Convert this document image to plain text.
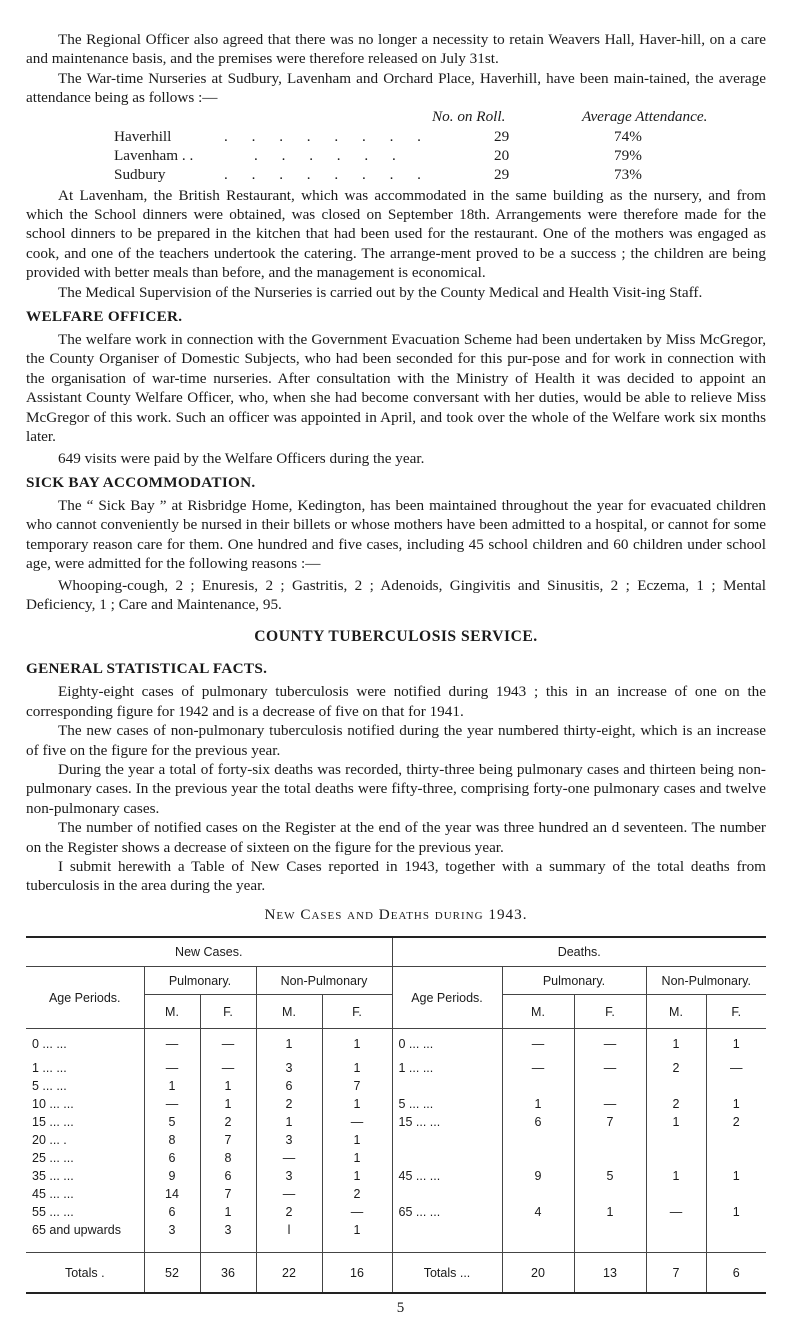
The Regional Officer also agreed that there was no longer a necessity to retain Weavers Hall, Haver-hill, on a care and maintenance basis, and the premises were therefore released on July 31st.

The War-time Nurseries at Sudbury, Lavenham and Orchard Place, Haverhill, have been main-tained, the average attendance being as follows :—

No. on Roll.	Average Attendance.
Haverhill	. . . . . . . .	29	74%
Lavenham . .	. . . . . .	20	79%
Sudbury	. . . . . . . .	29	73%

At Lavenham, the British Restaurant, which was accommodated in the same building as the nursery, and from which the School dinners were obtained, was closed on September 18th. Arrangements were therefore made for the school dinners to be prepared in the kitchen that had been used for the restaurant. One of the mothers was engaged as cook, and one of the teachers undertook the catering. The arrange-ment proved to be a success ; the children are being provided with better meals than before, and the management is economical.

The Medical Supervision of the Nurseries is carried out by the County Medical and Health Visit-ing Staff.

WELFARE OFFICER.

The welfare work in connection with the Government Evacuation Scheme had been undertaken by Miss McGregor, the County Organiser of Domestic Subjects, who had been seconded for this pur-pose and for work in connection with the organisation of war-time nurseries. After consultation with the Ministry of Health it was decided to appoint an Assistant County Welfare Officer, who, when she had become conversant with her duties, would be able to relieve Miss McGregor of this work. Such an officer was appointed in April, and took over the whole of the Welfare work six months later.

649 visits were paid by the Welfare Officers during the year.

SICK BAY ACCOMMODATION.

The “ Sick Bay ” at Risbridge Home, Kedington, has been maintained throughout the year for evacuated children who cannot conveniently be nursed in their billets or whose mothers have been admitted to a hospital, or cannot for some temporary reason care for them. One hundred and five cases, including 45 school children and 60 children under school age, were admitted for the following reasons :—

Whooping-cough, 2 ; Enuresis, 2 ; Gastritis, 2 ; Adenoids, Gingivitis and Sinusitis, 2 ; Eczema, 1 ; Mental Deficiency, 1 ; Care and Maintenance, 95.

COUNTY TUBERCULOSIS SERVICE.
GENERAL STATISTICAL FACTS.

Eighty-eight cases of pulmonary tuberculosis were notified during 1943 ; this in an increase of one on the corresponding figure for 1942 and is a decrease of five on that for 1941.

The new cases of non-pulmonary tuberculosis notified during the year numbered thirty-eight, which is an increase of five on the figure for the previous year.

During the year a total of forty-six deaths was recorded, thirty-three being pulmonary cases and thirteen being non-pulmonary cases. In the previous year the total deaths were fifty-three, comprising forty-one pulmonary cases and twelve non-pulmonary cases.

The number of notified cases on the Register at the end of the year was three hundred an d seventeen. The number on the Register shows a decrease of sixteen on the figure for the previous year.

I submit herewith a Table of New Cases reported in 1943, together with a summary of the total deaths from tuberculosis in the area during the year.

New Cases and Deaths during 1943.
New Cases.					Deaths.				
Age Periods.	Pulmonary.		Non-Pulmonary		Age Periods.	Pulmonary.		Non-Pulmonary.	
	M.	F.	M.	F.		M.	F.	M.	F.
0 ... ...	—	—	1	1	0 ... ...	—	—	1	1
1 ... ...	—	—	3	1	1 ... ...	—	—	2	—
5 ... ...	1	1	6	7					
10 ... ...	—	1	2	1	5 ... ...	1	—	2	1
15 ... ...	5	2	1	—	15 ... ...	6	7	1	2
20 ... .	8	7	3	1					
25 ... ...	6	8	—	1					
35 ... ...	9	6	3	1	45 ... ...	9	5	1	1
45 ... ...	14	7	—	2					
55 ... ...	6	1	2	—	65 ... ...	4	1	—	1
65 and upwards	3	3	l	1					

Totals .	52	36	22	16	Totals ...	20	13	7	6
5
